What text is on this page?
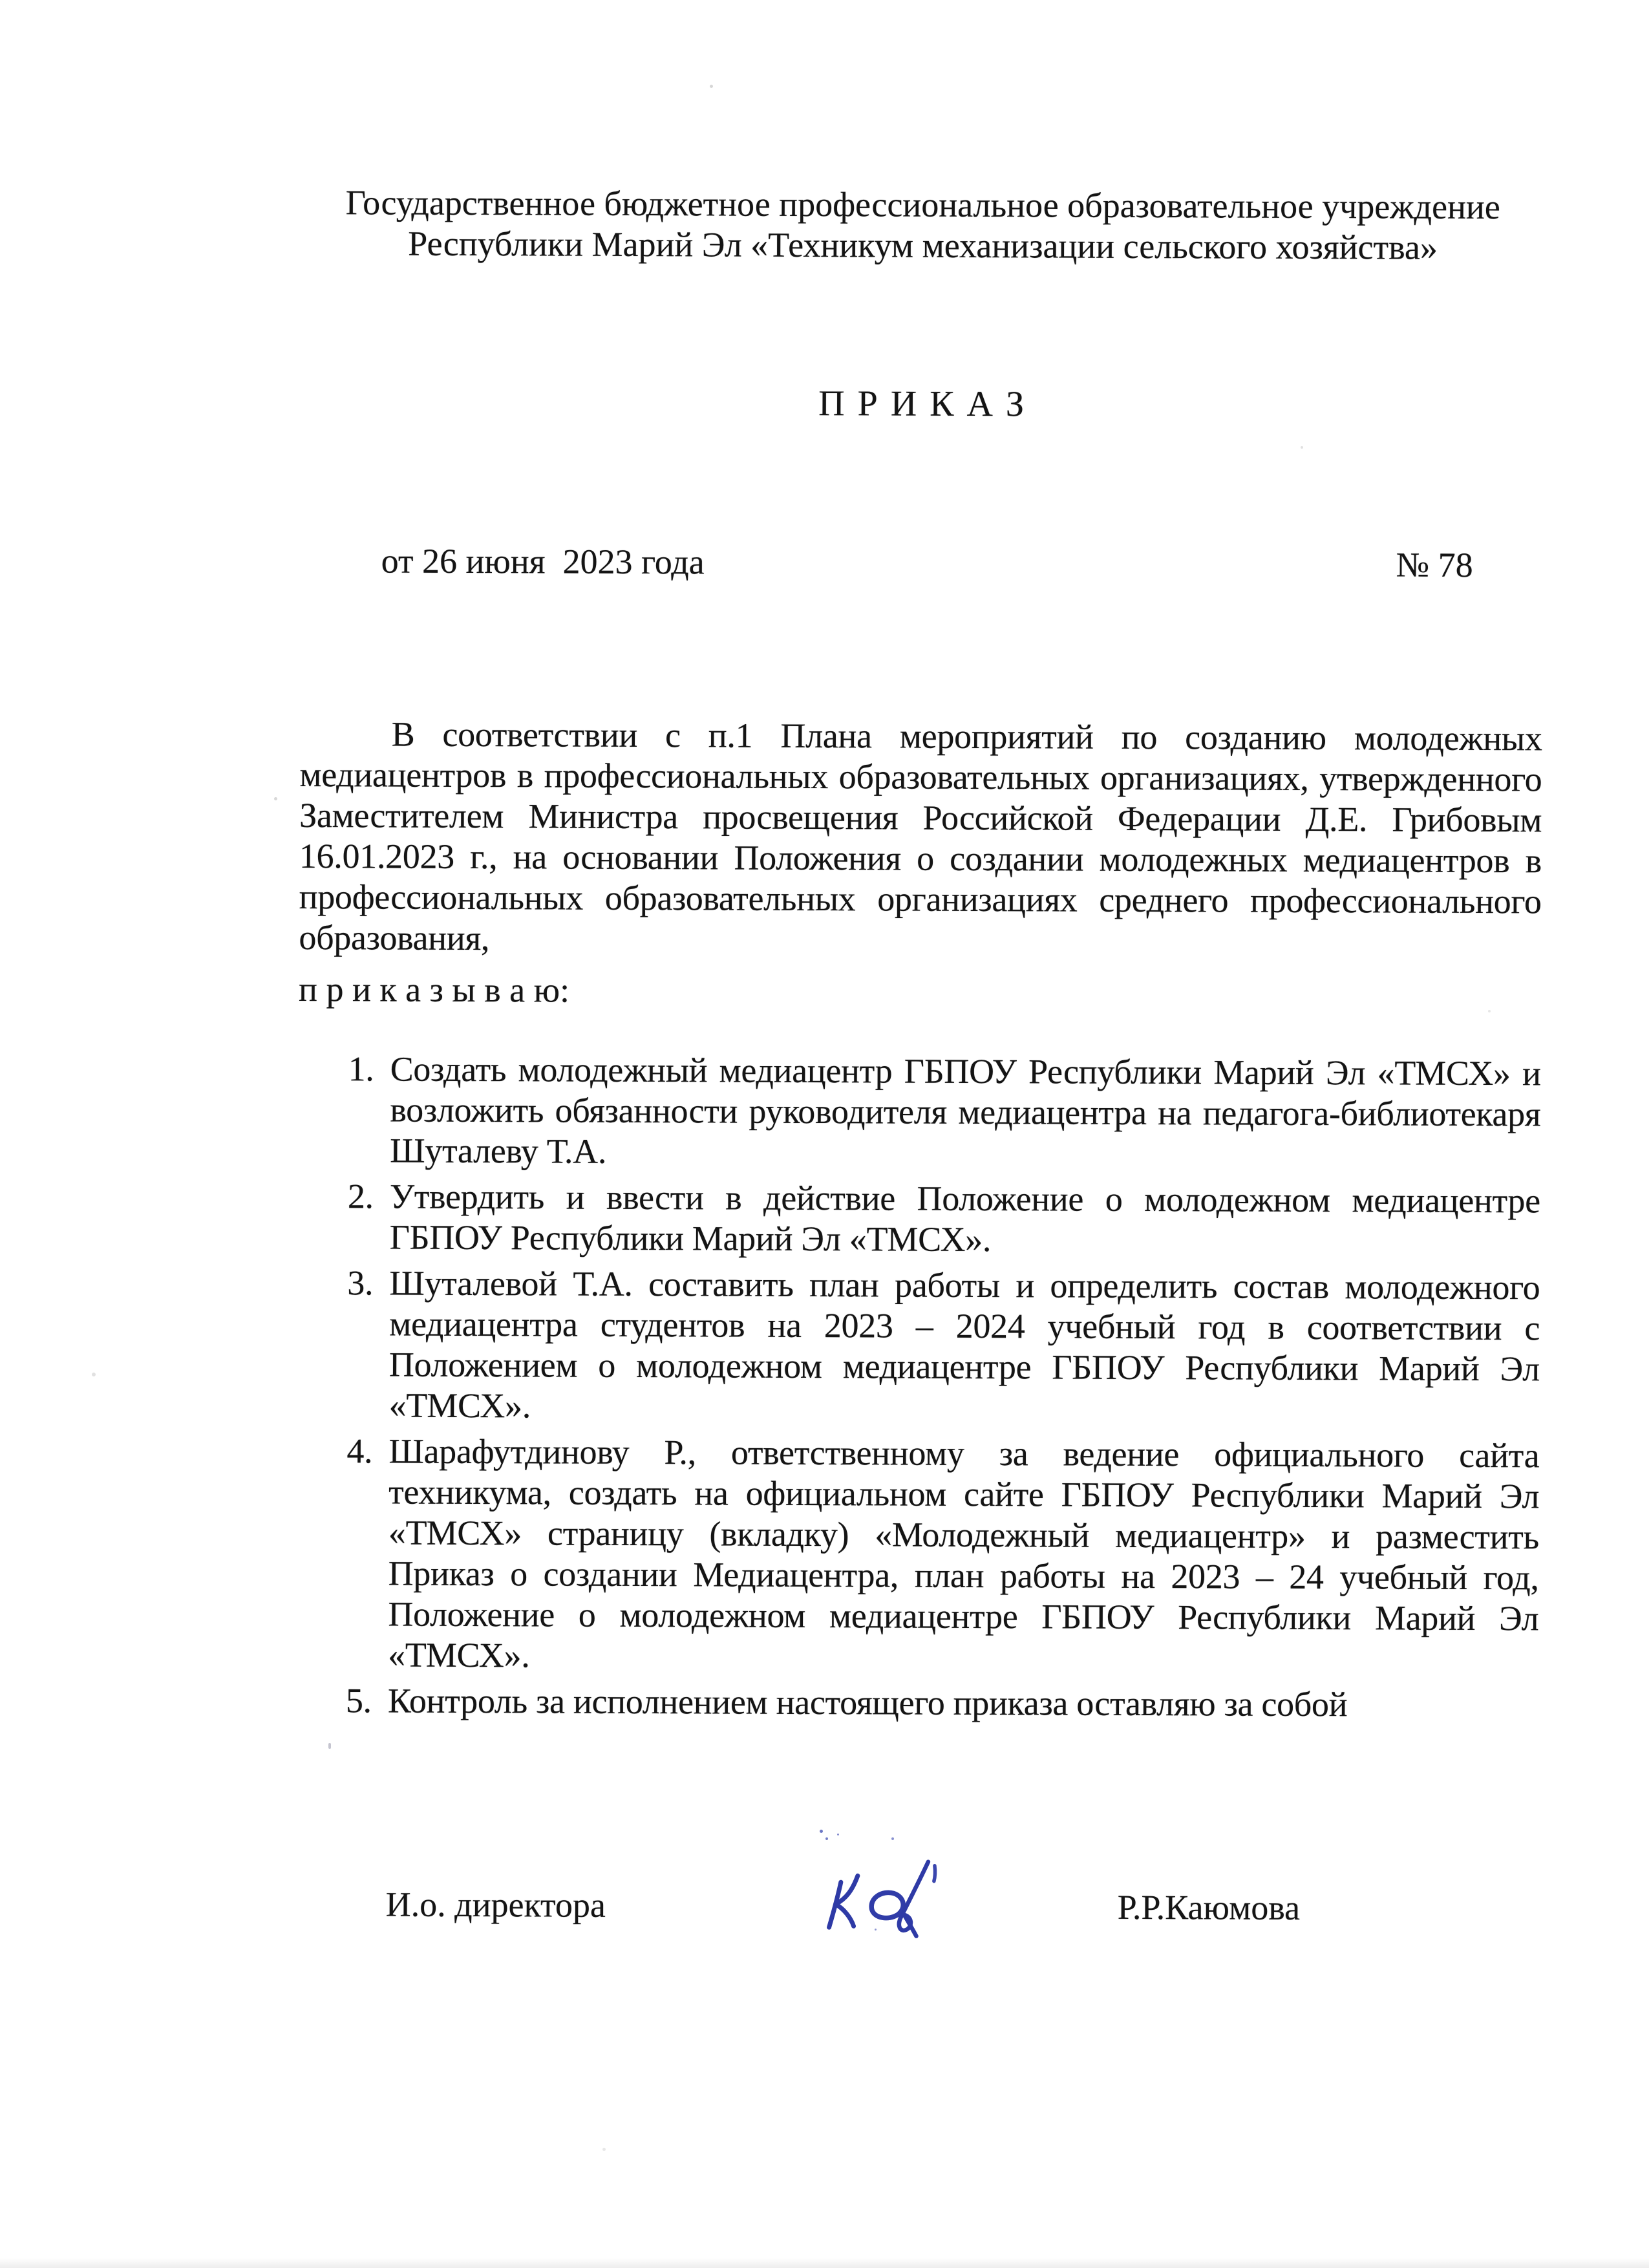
Государственное бюджетное профессиональное образовательное учреждение
Республики Марий Эл «Техникум механизации сельского хозяйства»
П Р И К А З
от 26 июня  2023 года	№ 78

В соответствии с п.1 Плана мероприятий по созданию молодежных медиацентров в профессиональных образовательных организациях, утвержденного Заместителем Министра просвещения Российской Федерации Д.Е. Грибовым 16.01.2023 г., на основании Положения о создании молодежных медиацентров в профессиональных образовательных организациях среднего профессионального образования,

п р и к а з ы в а ю:

Создать молодежный медиацентр ГБПОУ Республики Марий Эл «ТМСХ» и возложить обязанности руководителя медиацентра на педагога-библиотекаря Шуталеву Т.А.
Утвердить и ввести в действие Положение о молодежном медиацентре ГБПОУ Республики Марий Эл «ТМСХ».
Шуталевой Т.А. составить план работы и определить состав молодежного медиацентра студентов на 2023 – 2024 учебный год в соответствии с Положением о молодежном медиацентре ГБПОУ Республики Марий Эл «ТМСХ».
Шарафутдинову Р., ответственному за ведение официального сайта техникума, создать на официальном сайте ГБПОУ Республики Марий Эл «ТМСХ» страницу (вкладку) «Молодежный медиацентр» и разместить Приказ о создании Медиацентра, план работы на 2023 – 24 учебный год, Положение о молодежном медиацентре ГБПОУ Республики Марий Эл «ТМСХ».
Контроль за исполнением настоящего приказа оставляю за собой
И.о. директора	Р.Р.Каюмова
